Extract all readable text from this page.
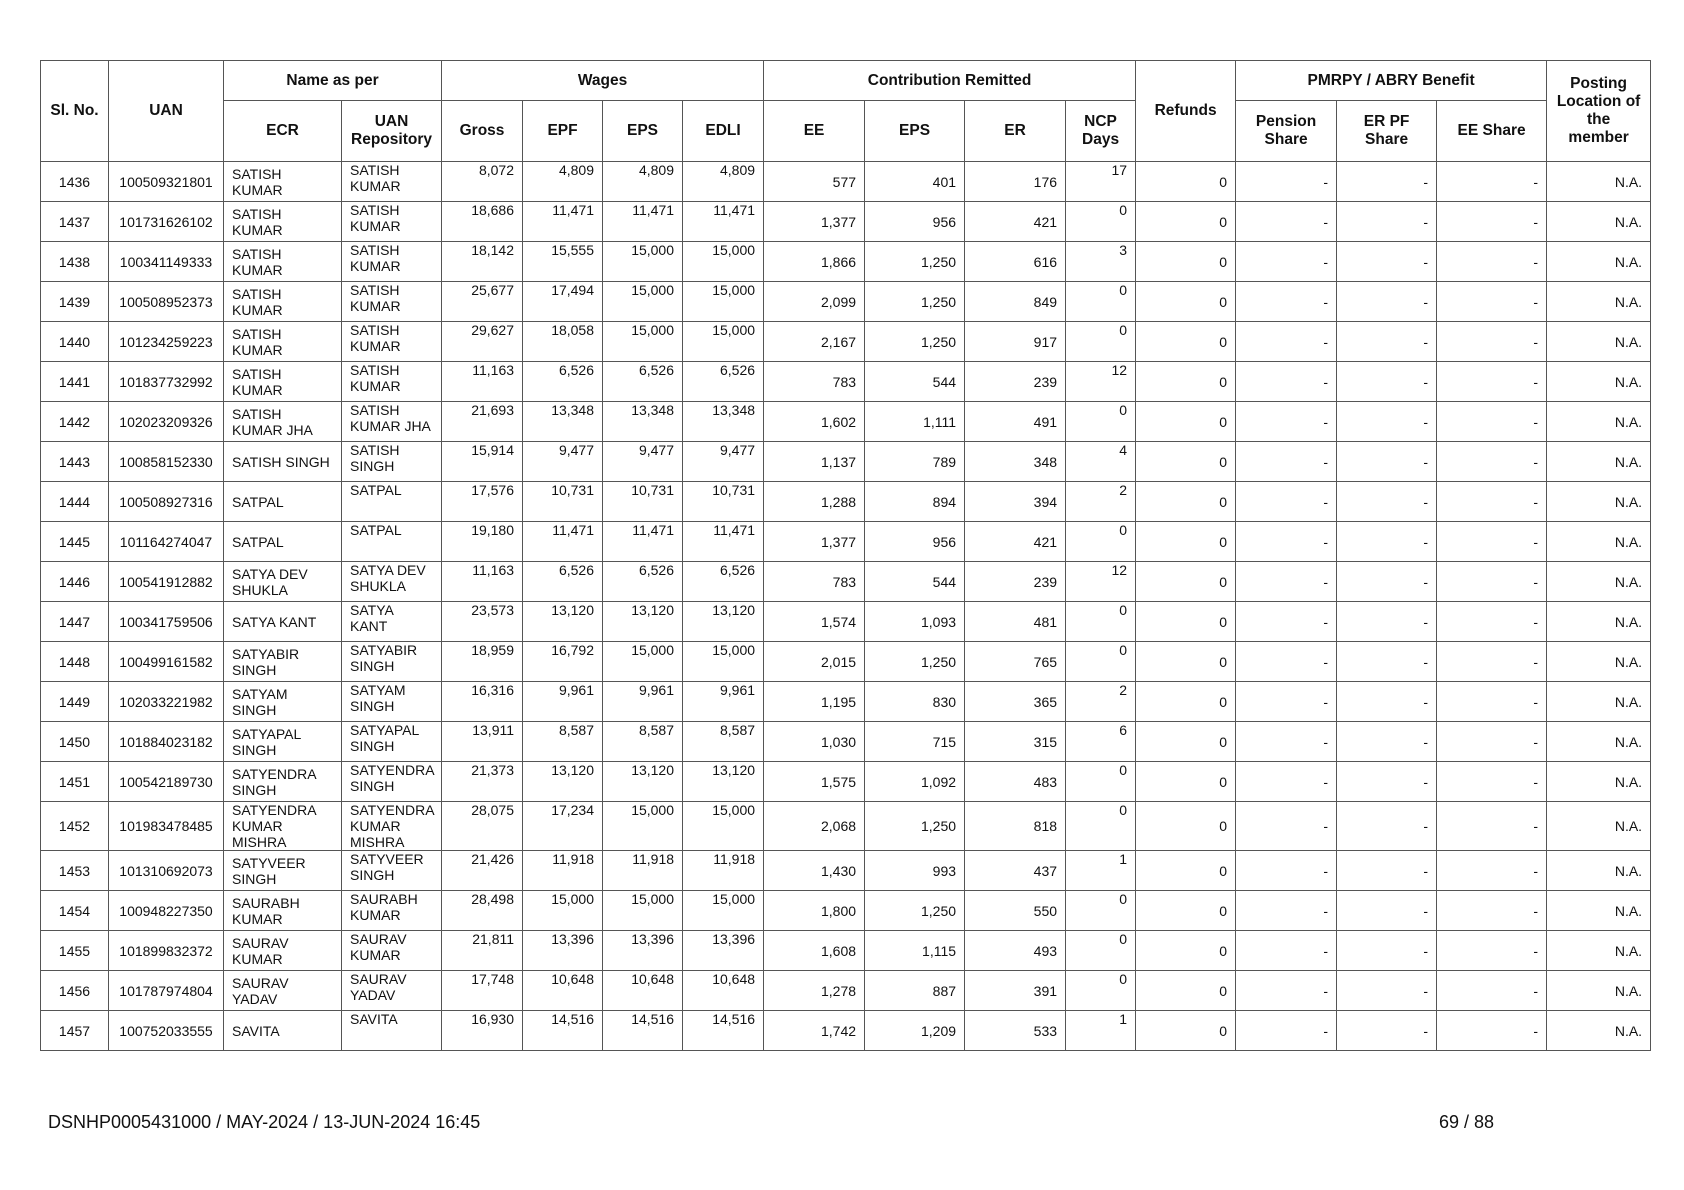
Sl. No.	UAN	Name as per		Wages				Contribution Remitted				Refunds	PMRPY / ABRY Benefit			Posting Location of the member
		ECR	UAN Repository	Gross	EPF	EPS	EDLI	EE	EPS	ER	NCP Days		Pension Share	ER PF Share	EE Share	
1436	100509321801	SATISH KUMAR	SATISH KUMAR	8,072	4,809	4,809	4,809	577	401	176	17	0	-	-	-	N.A.
1437	101731626102	SATISH KUMAR	SATISH KUMAR	18,686	11,471	11,471	11,471	1,377	956	421	0	0	-	-	-	N.A.
1438	100341149333	SATISH KUMAR	SATISH KUMAR	18,142	15,555	15,000	15,000	1,866	1,250	616	3	0	-	-	-	N.A.
1439	100508952373	SATISH KUMAR	SATISH KUMAR	25,677	17,494	15,000	15,000	2,099	1,250	849	0	0	-	-	-	N.A.
1440	101234259223	SATISH KUMAR	SATISH KUMAR	29,627	18,058	15,000	15,000	2,167	1,250	917	0	0	-	-	-	N.A.
1441	101837732992	SATISH KUMAR	SATISH KUMAR	11,163	6,526	6,526	6,526	783	544	239	12	0	-	-	-	N.A.
1442	102023209326	SATISH KUMAR JHA	SATISH KUMAR JHA	21,693	13,348	13,348	13,348	1,602	1,111	491	0	0	-	-	-	N.A.
1443	100858152330	SATISH SINGH	SATISH SINGH	15,914	9,477	9,477	9,477	1,137	789	348	4	0	-	-	-	N.A.
1444	100508927316	SATPAL	SATPAL	17,576	10,731	10,731	10,731	1,288	894	394	2	0	-	-	-	N.A.
1445	101164274047	SATPAL	SATPAL	19,180	11,471	11,471	11,471	1,377	956	421	0	0	-	-	-	N.A.
1446	100541912882	SATYA DEV SHUKLA	SATYA DEV SHUKLA	11,163	6,526	6,526	6,526	783	544	239	12	0	-	-	-	N.A.
1447	100341759506	SATYA KANT	SATYA KANT	23,573	13,120	13,120	13,120	1,574	1,093	481	0	0	-	-	-	N.A.
1448	100499161582	SATYABIR SINGH	SATYABIR SINGH	18,959	16,792	15,000	15,000	2,015	1,250	765	0	0	-	-	-	N.A.
1449	102033221982	SATYAM SINGH	SATYAM SINGH	16,316	9,961	9,961	9,961	1,195	830	365	2	0	-	-	-	N.A.
1450	101884023182	SATYAPAL SINGH	SATYAPAL SINGH	13,911	8,587	8,587	8,587	1,030	715	315	6	0	-	-	-	N.A.
1451	100542189730	SATYENDRA SINGH	SATYENDRA SINGH	21,373	13,120	13,120	13,120	1,575	1,092	483	0	0	-	-	-	N.A.
1452	101983478485	SATYENDRA KUMAR MISHRA	SATYENDRA KUMAR MISHRA	28,075	17,234	15,000	15,000	2,068	1,250	818	0	0	-	-	-	N.A.
1453	101310692073	SATYVEER SINGH	SATYVEER SINGH	21,426	11,918	11,918	11,918	1,430	993	437	1	0	-	-	-	N.A.
1454	100948227350	SAURABH KUMAR	SAURABH KUMAR	28,498	15,000	15,000	15,000	1,800	1,250	550	0	0	-	-	-	N.A.
1455	101899832372	SAURAV KUMAR	SAURAV KUMAR	21,811	13,396	13,396	13,396	1,608	1,115	493	0	0	-	-	-	N.A.
1456	101787974804	SAURAV YADAV	SAURAV YADAV	17,748	10,648	10,648	10,648	1,278	887	391	0	0	-	-	-	N.A.
1457	100752033555	SAVITA	SAVITA	16,930	14,516	14,516	14,516	1,742	1,209	533	1	0	-	-	-	N.A.
DSNHP0005431000 / MAY-2024 / 13-JUN-2024 16:45	69 / 88
